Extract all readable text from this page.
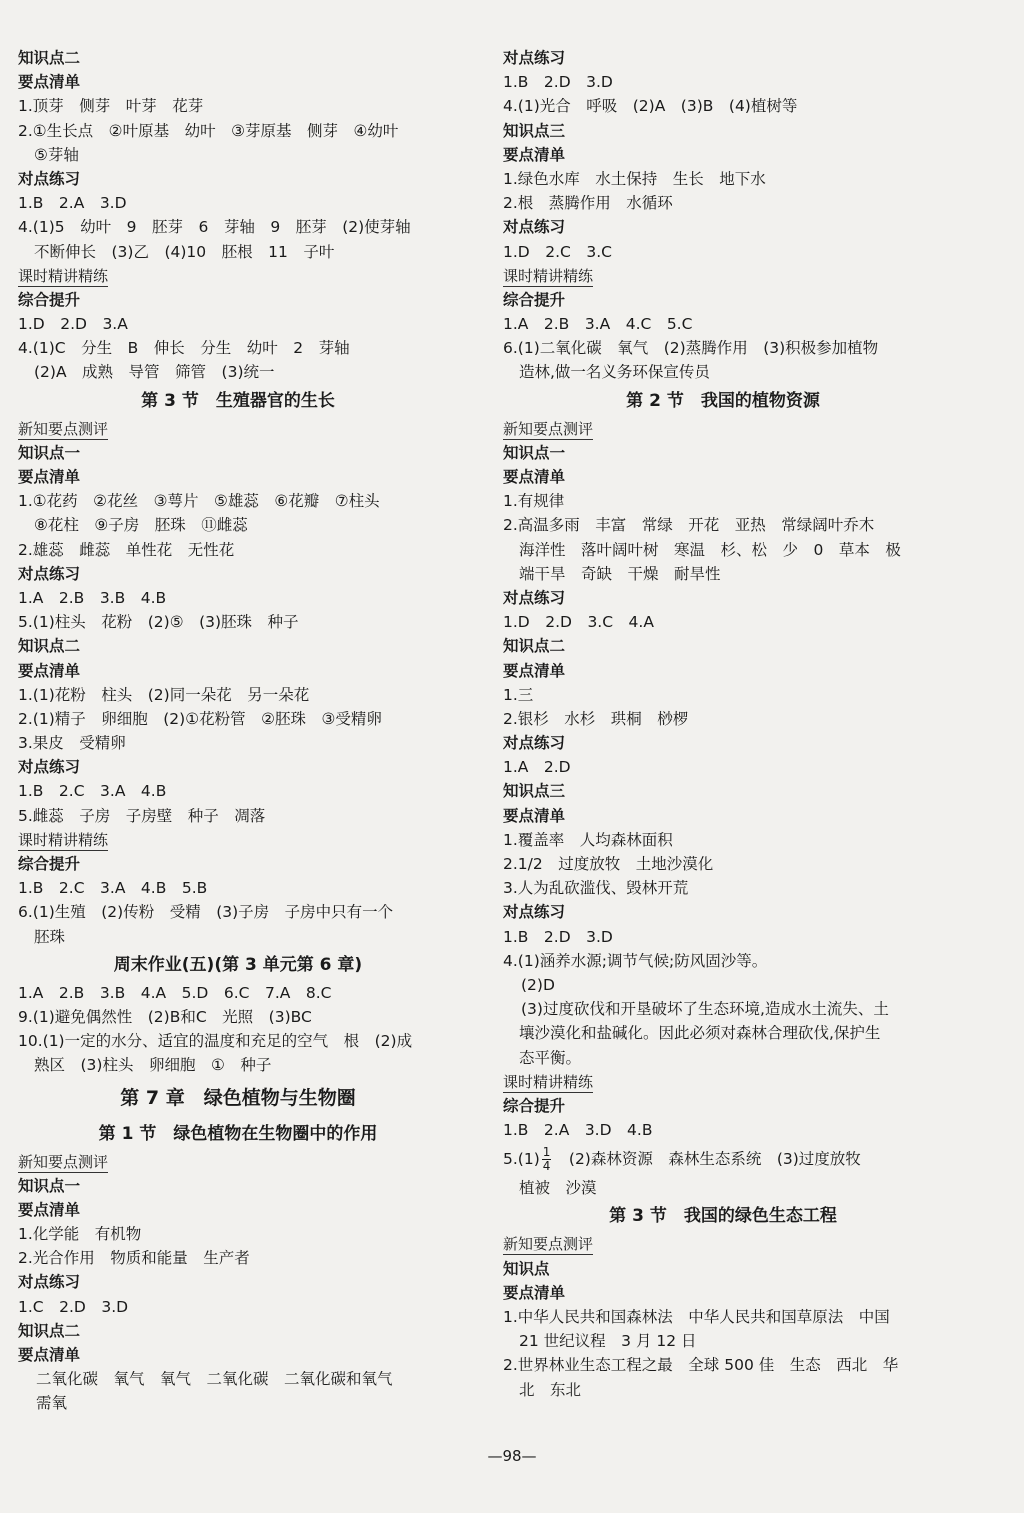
知识点二
要点清单
1.顶芽　侧芽　叶芽　花芽
2.①生长点　②叶原基　幼叶　③芽原基　侧芽　④幼叶
⑤芽轴
对点练习
1.B　2.A　3.D
4.(1)5　幼叶　9　胚芽　6　芽轴　9　胚芽　(2)使芽轴
不断伸长　(3)乙　(4)10　胚根　11　子叶
课时精讲精练
综合提升
1.D　2.D　3.A
4.(1)C　分生　B　伸长　分生　幼叶　2　芽轴
(2)A　成熟　导管　筛管　(3)统一
第 3 节　生殖器官的生长
新知要点测评
知识点一
要点清单
1.①花药　②花丝　③萼片　⑤雄蕊　⑥花瓣　⑦柱头
⑧花柱　⑨子房　胚珠　⑪雌蕊
2.雄蕊　雌蕊　单性花　无性花
对点练习
1.A　2.B　3.B　4.B
5.(1)柱头　花粉　(2)⑤　(3)胚珠　种子
知识点二
要点清单
1.(1)花粉　柱头　(2)同一朵花　另一朵花
2.(1)精子　卵细胞　(2)①花粉管　②胚珠　③受精卵
3.果皮　受精卵
对点练习
1.B　2.C　3.A　4.B
5.雌蕊　子房　子房壁　种子　凋落
课时精讲精练
综合提升
1.B　2.C　3.A　4.B　5.B
6.(1)生殖　(2)传粉　受精　(3)子房　子房中只有一个
胚珠
周末作业(五)(第 3 单元第 6 章)
1.A　2.B　3.B　4.A　5.D　6.C　7.A　8.C
9.(1)避免偶然性　(2)B和C　光照　(3)BC
10.(1)一定的水分、适宜的温度和充足的空气　根　(2)成
熟区　(3)柱头　卵细胞　①　种子
第 7 章　绿色植物与生物圈
第 1 节　绿色植物在生物圈中的作用
新知要点测评
知识点一
要点清单
1.化学能　有机物
2.光合作用　物质和能量　生产者
对点练习
1.C　2.D　3.D
知识点二
要点清单
二氧化碳　氧气　氧气　二氧化碳　二氧化碳和氧气
需氧
对点练习
1.B　2.D　3.D
4.(1)光合　呼吸　(2)A　(3)B　(4)植树等
知识点三
要点清单
1.绿色水库　水土保持　生长　地下水
2.根　蒸腾作用　水循环
对点练习
1.D　2.C　3.C
课时精讲精练
综合提升
1.A　2.B　3.A　4.C　5.C
6.(1)二氧化碳　氧气　(2)蒸腾作用　(3)积极参加植物
造林,做一名义务环保宣传员
第 2 节　我国的植物资源
新知要点测评
知识点一
要点清单
1.有规律
2.高温多雨　丰富　常绿　开花　亚热　常绿阔叶乔木
海洋性　落叶阔叶树　寒温　杉、松　少　0　草本　极
端干旱　奇缺　干燥　耐旱性
对点练习
1.D　2.D　3.C　4.A
知识点二
要点清单
1.三
2.银杉　水杉　珙桐　桫椤
对点练习
1.A　2.D
知识点三
要点清单
1.覆盖率　人均森林面积
2.1/2　过度放牧　土地沙漠化
3.人为乱砍滥伐、毁林开荒
对点练习
1.B　2.D　3.D
4.(1)涵养水源;调节气候;防风固沙等。
(2)D
(3)过度砍伐和开垦破坏了生态环境,造成水土流失、土
壤沙漠化和盐碱化。因此必须对森林合理砍伐,保护生
态平衡。
课时精讲精练
综合提升
1.B　2.A　3.D　4.B
$5.(1) \frac{1}{4}$ 　(2)森林资源　森林生态系统　(3)过度放牧
植被　沙漠
第 3 节　我国的绿色生态工程
新知要点测评
知识点
要点清单
1.中华人民共和国森林法　中华人民共和国草原法　中国
21 世纪议程　3 月 12 日
2.世界林业生态工程之最　全球 500 佳　生态　西北　华
北　东北
—98—
